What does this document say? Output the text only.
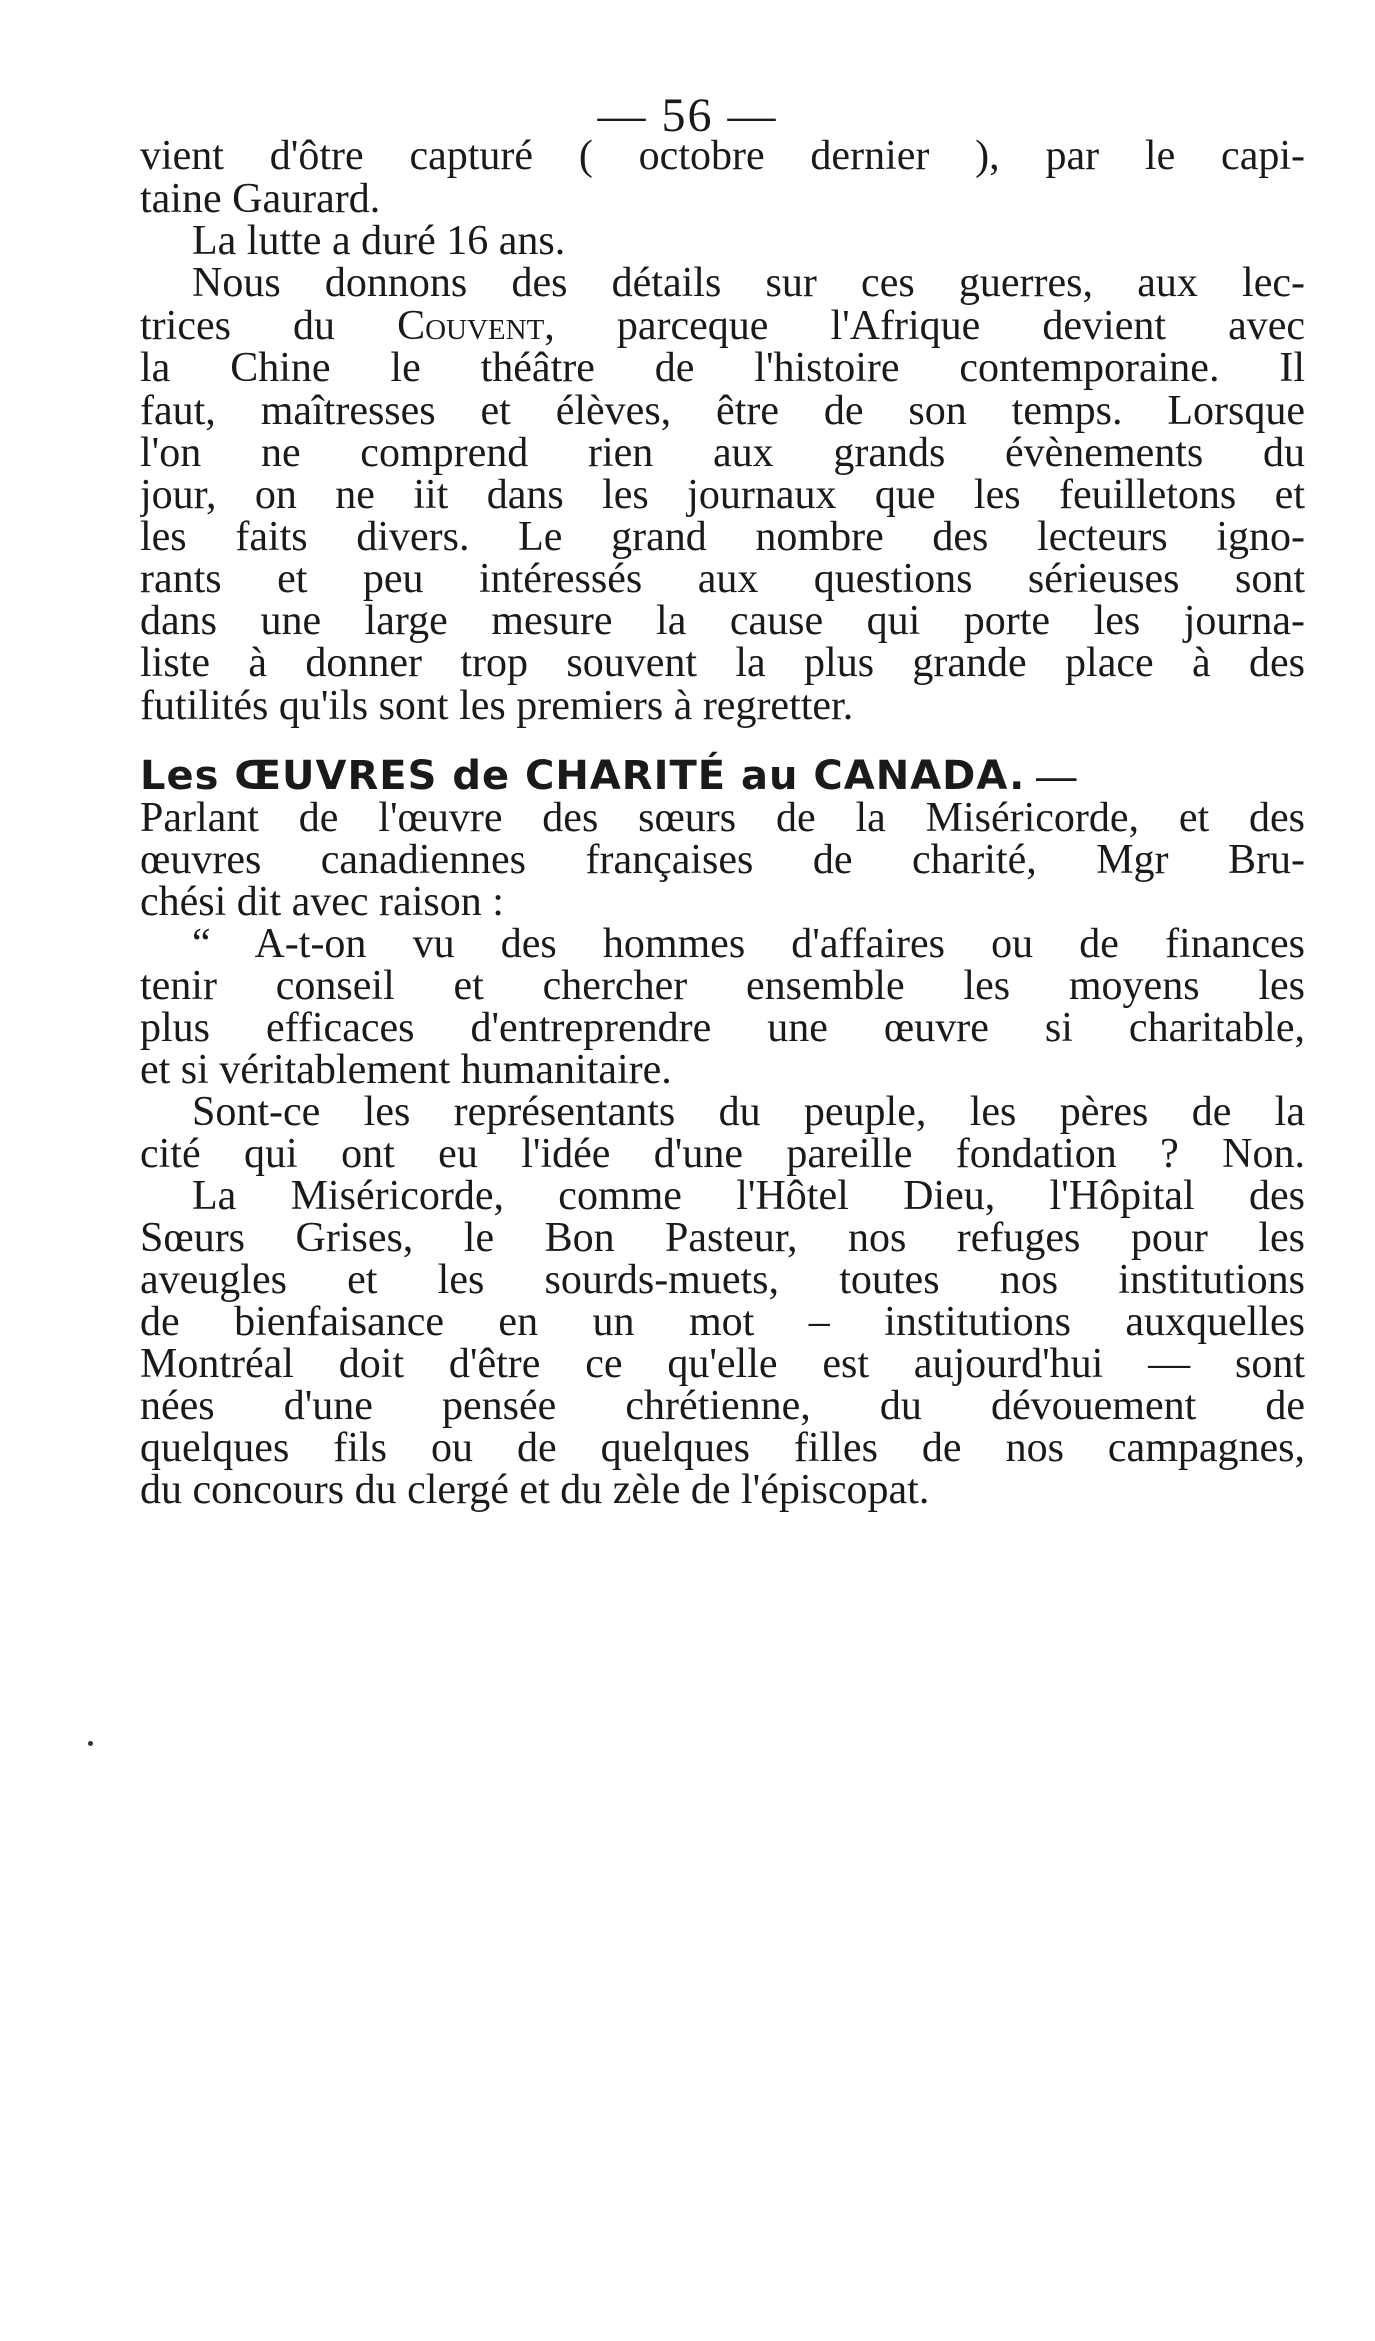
— 56 —
vient d'ôtre capturé ( octobre dernier ), par le capi-
taine Gaurard.
La lutte a duré 16 ans.
Nous donnons des détails sur ces guerres, aux lec-
trices du Couvent, parceque l'Afrique devient avec
la Chine le théâtre de l'histoire contemporaine. Il
faut, maîtresses et élèves, être de son temps. Lorsque
l'on ne comprend rien aux grands évènements du
jour, on ne iit dans les journaux que les feuilletons et
les faits divers. Le grand nombre des lecteurs igno-
rants et peu intéressés aux questions sérieuses sont
dans une large mesure la cause qui porte les journa-
liste à donner trop souvent la plus grande place à des
futilités qu'ils sont les premiers à regretter.
Les ŒUVRES de CHARITÉ au CANADA. —
Parlant de l'œuvre des sœurs de la Miséricorde, et des
œuvres canadiennes françaises de charité, Mgr Bru-
chési dit avec raison :
“ A-t-on vu des hommes d'affaires ou de finances
tenir conseil et chercher ensemble les moyens les
plus efficaces d'entreprendre une œuvre si charitable,
et si véritablement humanitaire.
Sont-ce les représentants du peuple, les pères de la
cité qui ont eu l'idée d'une pareille fondation ? Non.
La Miséricorde, comme l'Hôtel Dieu, l'Hôpital des
Sœurs Grises, le Bon Pasteur, nos refuges pour les
aveugles et les sourds-muets, toutes nos institutions
de bienfaisance en un mot – institutions auxquelles
Montréal doit d'être ce qu'elle est aujourd'hui — sont
nées d'une pensée chrétienne, du dévouement de
quelques fils ou de quelques filles de nos campagnes,
du concours du clergé et du zèle de l'épiscopat.
